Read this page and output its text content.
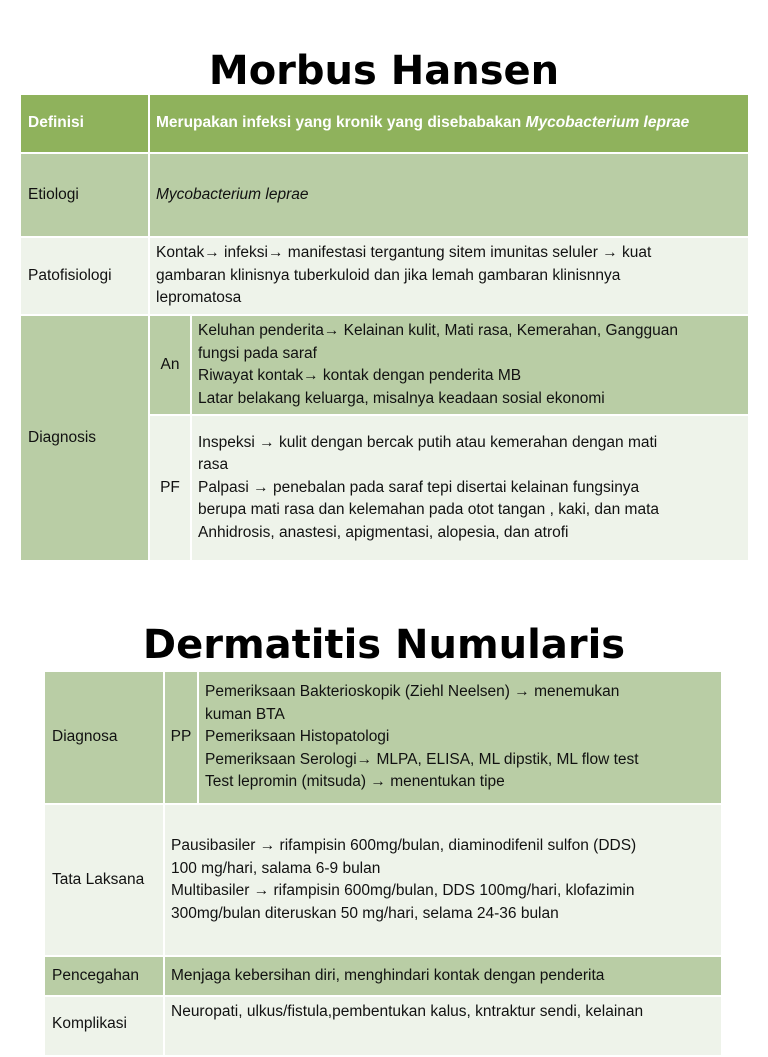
Morbus Hansen
Definisi	Merupakan infeksi yang kronik yang disebabakan Mycobacterium leprae	
Etiologi	Mycobacterium leprae	
Patofisiologi	Kontak→ infeksi→ manifestasi tergantung sitem imunitas seluler → kuat
gambaran klinisnya tuberkuloid dan jika lemah gambaran klinisnnya
lepromatosa	

Diagnosis	An	Keluhan penderita→ Kelainan kulit, Mati rasa, Kemerahan, Gangguan
fungsi pada saraf
Riwayat kontak→ kontak dengan penderita MB
Latar belakang keluarga, misalnya keadaan sosial ekonomi

	PF	Inspeksi → kulit dengan bercak putih atau kemerahan dengan mati
rasa
Palpasi → penebalan pada saraf tepi disertai kelainan fungsinya
berupa mati rasa dan kelemahan pada otot tangan , kaki, dan mata
Anhidrosis, anastesi, apigmentasi, alopesia, dan atrofi
Dermatitis Numularis
Diagnosa	PP	Pemeriksaan Bakterioskopik (Ziehl Neelsen) → menemukan
kuman BTA
Pemeriksaan Histopatologi
Pemeriksaan Serologi→ MLPA, ELISA, ML dipstik, ML flow test
Test lepromin (mitsuda) → menentukan tipe

Tata Laksana	Pausibasiler → rifampisin 600mg/bulan, diaminodifenil sulfon (DDS)
100 mg/hari, salama 6-9 bulan
Multibasiler → rifampisin 600mg/bulan, DDS 100mg/hari, klofazimin
300mg/bulan diteruskan 50 mg/hari, selama 24-36 bulan	

Pencegahan	Menjaga kebersihan diri, menghindari kontak dengan penderita	
Komplikasi	Neuropati, ulkus/fistula,pembentukan kalus, kntraktur sendi, kelainan	
